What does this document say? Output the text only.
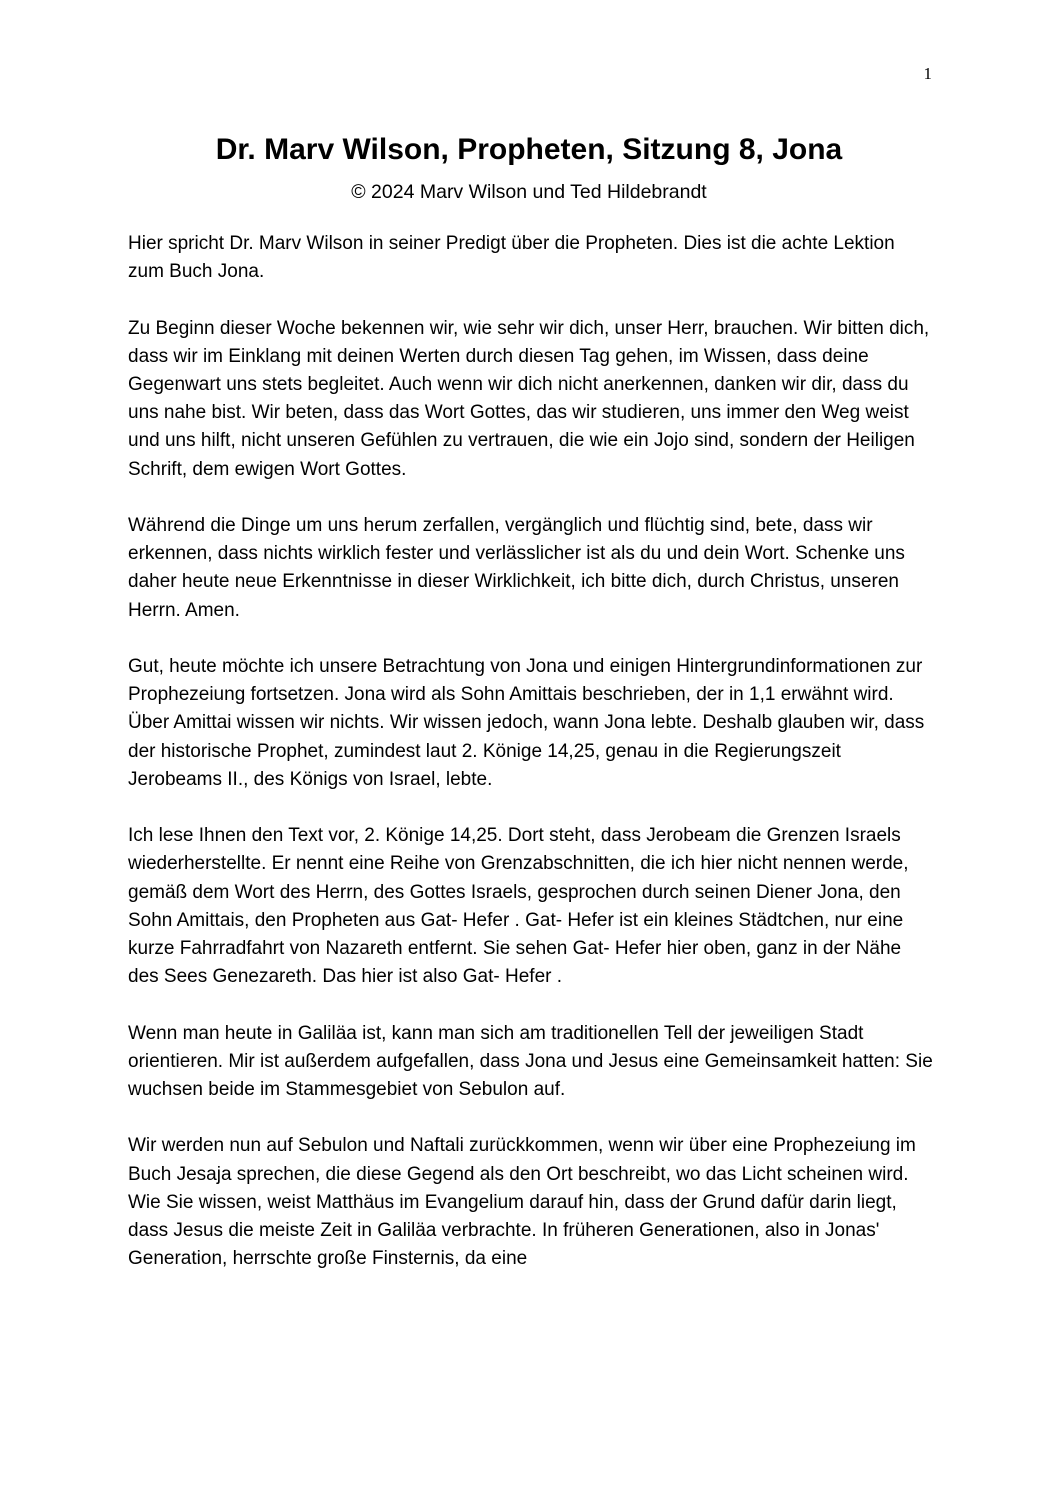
1
Dr. Marv Wilson, Propheten, Sitzung 8, Jona
© 2024 Marv Wilson und Ted Hildebrandt

Hier spricht Dr. Marv Wilson in seiner Predigt über die Propheten. Dies ist die achte Lektion zum Buch Jona.

Zu Beginn dieser Woche bekennen wir, wie sehr wir dich, unser Herr, brauchen. Wir bitten dich, dass wir im Einklang mit deinen Werten durch diesen Tag gehen, im Wissen, dass deine Gegenwart uns stets begleitet. Auch wenn wir dich nicht anerkennen, danken wir dir, dass du uns nahe bist. Wir beten, dass das Wort Gottes, das wir studieren, uns immer den Weg weist und uns hilft, nicht unseren Gefühlen zu vertrauen, die wie ein Jojo sind, sondern der Heiligen Schrift, dem ewigen Wort Gottes.

Während die Dinge um uns herum zerfallen, vergänglich und flüchtig sind, bete, dass wir erkennen, dass nichts wirklich fester und verlässlicher ist als du und dein Wort. Schenke uns daher heute neue Erkenntnisse in dieser Wirklichkeit, ich bitte dich, durch Christus, unseren Herrn. Amen.

Gut, heute möchte ich unsere Betrachtung von Jona und einigen Hintergrundinformationen zur Prophezeiung fortsetzen. Jona wird als Sohn Amittais beschrieben, der in 1,1 erwähnt wird. Über Amittai wissen wir nichts. Wir wissen jedoch, wann Jona lebte. Deshalb glauben wir, dass der historische Prophet, zumindest laut 2. Könige 14,25, genau in die Regierungszeit Jerobeams II., des Königs von Israel, lebte.

Ich lese Ihnen den Text vor, 2. Könige 14,25. Dort steht, dass Jerobeam die Grenzen Israels wiederherstellte. Er nennt eine Reihe von Grenzabschnitten, die ich hier nicht nennen werde, gemäß dem Wort des Herrn, des Gottes Israels, gesprochen durch seinen Diener Jona, den Sohn Amittais, den Propheten aus Gat- Hefer . Gat- Hefer ist ein kleines Städtchen, nur eine kurze Fahrradfahrt von Nazareth entfernt. Sie sehen Gat- Hefer hier oben, ganz in der Nähe des Sees Genezareth. Das hier ist also Gat- Hefer .

Wenn man heute in Galiläa ist, kann man sich am traditionellen Tell der jeweiligen Stadt orientieren. Mir ist außerdem aufgefallen, dass Jona und Jesus eine Gemeinsamkeit hatten: Sie wuchsen beide im Stammesgebiet von Sebulon auf.

Wir werden nun auf Sebulon und Naftali zurückkommen, wenn wir über eine Prophezeiung im Buch Jesaja sprechen, die diese Gegend als den Ort beschreibt, wo das Licht scheinen wird. Wie Sie wissen, weist Matthäus im Evangelium darauf hin, dass der Grund dafür darin liegt, dass Jesus die meiste Zeit in Galiläa verbrachte. In früheren Generationen, also in Jonas' Generation, herrschte große Finsternis, da eine
